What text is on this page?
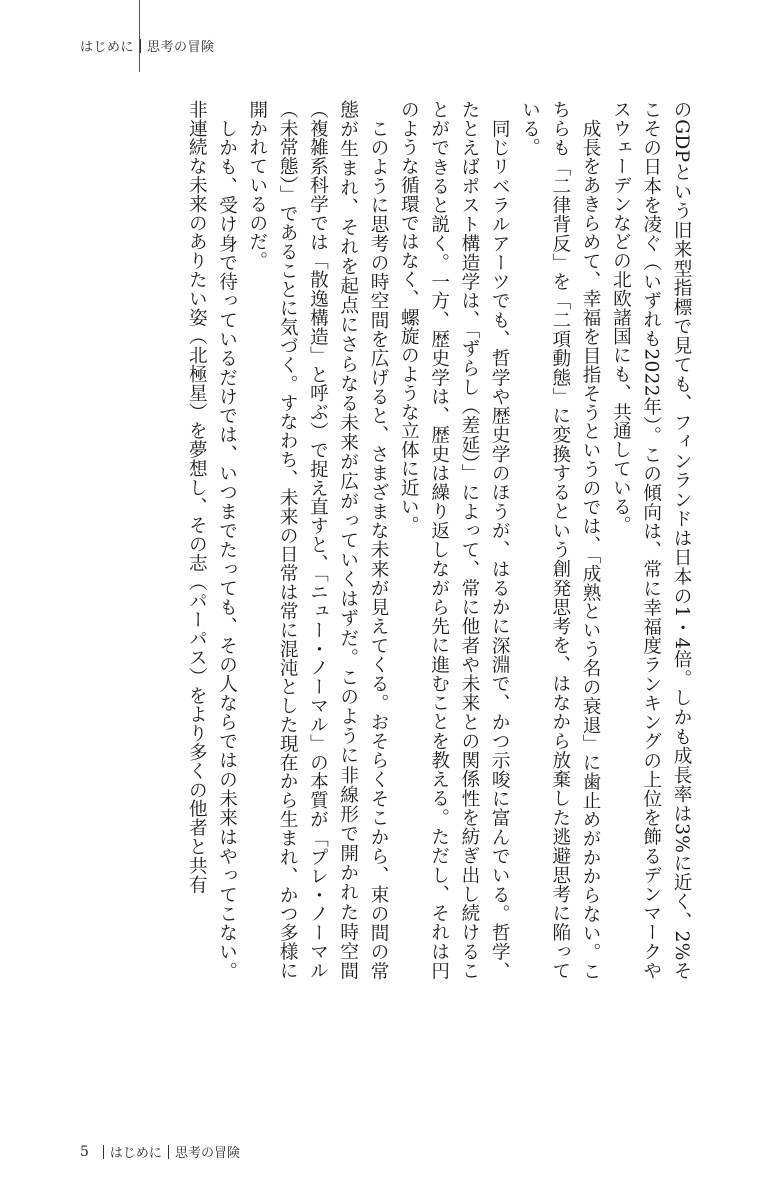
はじめに 思考の冒険

のGDPという旧来型指標で見ても、フィンランドは日本の1・4倍。しかも成長率は3%に近く、2%そこその日本を凌ぐ（いずれも2022年）。この傾向は、常に幸福度ランキングの上位を飾るデンマークやスウェーデンなどの北欧諸国にも、共通している。

成長をあきらめて、幸福を目指そうというのでは、「成熟という名の衰退」に歯止めがかからない。こちらも「二律背反」を「二項動態」に変換するという創発思考を、はなから放棄した逃避思考に陥っている。

同じリベラルアーツでも、哲学や歴史学のほうが、はるかに深淵で、かつ示唆に富んでいる。哲学、たとえばポスト構造学は、「ずらし（差延）」によって、常に他者や未来との関係性を紡ぎ出し続けることができると説く。一方、歴史学は、歴史は繰り返しながら先に進むことを教える。ただし、それは円のような循環ではなく、螺旋のような立体に近い。

このように思考の時空間を広げると、さまざまな未来が見えてくる。おそらくそこから、束の間の常態が生まれ、それを起点にさらなる未来が広がっていくはずだ。このように非線形で開かれた時空間（複雑系科学では「散逸構造」と呼ぶ）で捉え直すと、「ニュー・ノーマル」の本質が「プレ・ノーマル（未常態）」であることに気づく。すなわち、未来の日常は常に混沌とした現在から生まれ、かつ多様に開かれているのだ。

しかも、受け身で待っているだけでは、いつまでたっても、その人ならではの未来はやってこない。非連続な未来のありたい姿（北極星）を夢想し、その志（パーパス）をより多くの他者と共有

5 はじめに 思考の冒険
